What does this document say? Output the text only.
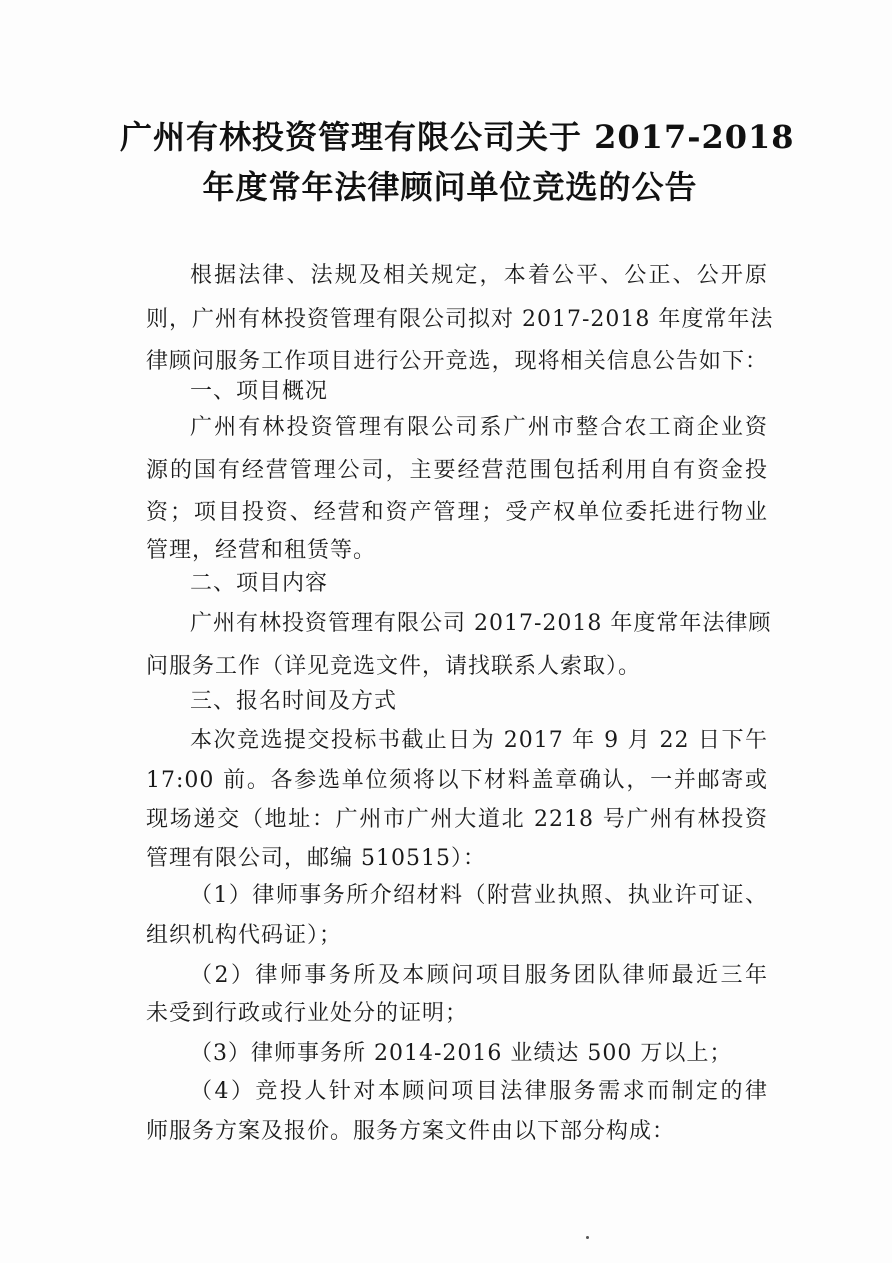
广州有林投资管理有限公司关于 2017-2018
年度常年法律顾问单位竞选的公告
根据法律、法规及相关规定，本着公平、公正、公开原
则，广州有林投资管理有限公司拟对 2017-2018 年度常年法
律顾问服务工作项目进行公开竞选，现将相关信息公告如下：
一、项目概况
广州有林投资管理有限公司系广州市整合农工商企业资
源的国有经营管理公司，主要经营范围包括利用自有资金投
资；项目投资、经营和资产管理；受产权单位委托进行物业
管理，经营和租赁等。
二、项目内容
广州有林投资管理有限公司 2017-2018 年度常年法律顾
问服务工作（详见竞选文件，请找联系人索取）。
三、报名时间及方式
本次竞选提交投标书截止日为 2017 年 9 月 22 日下午
17:00 前。各参选单位须将以下材料盖章确认，一并邮寄或
现场递交（地址：广州市广州大道北 2218 号广州有林投资
管理有限公司，邮编 510515）：
（1）律师事务所介绍材料（附营业执照、执业许可证、
组织机构代码证）；
（2）律师事务所及本顾问项目服务团队律师最近三年
未受到行政或行业处分的证明；
（3）律师事务所 2014-2016 业绩达 500 万以上；
（4）竞投人针对本顾问项目法律服务需求而制定的律
师服务方案及报价。服务方案文件由以下部分构成：
